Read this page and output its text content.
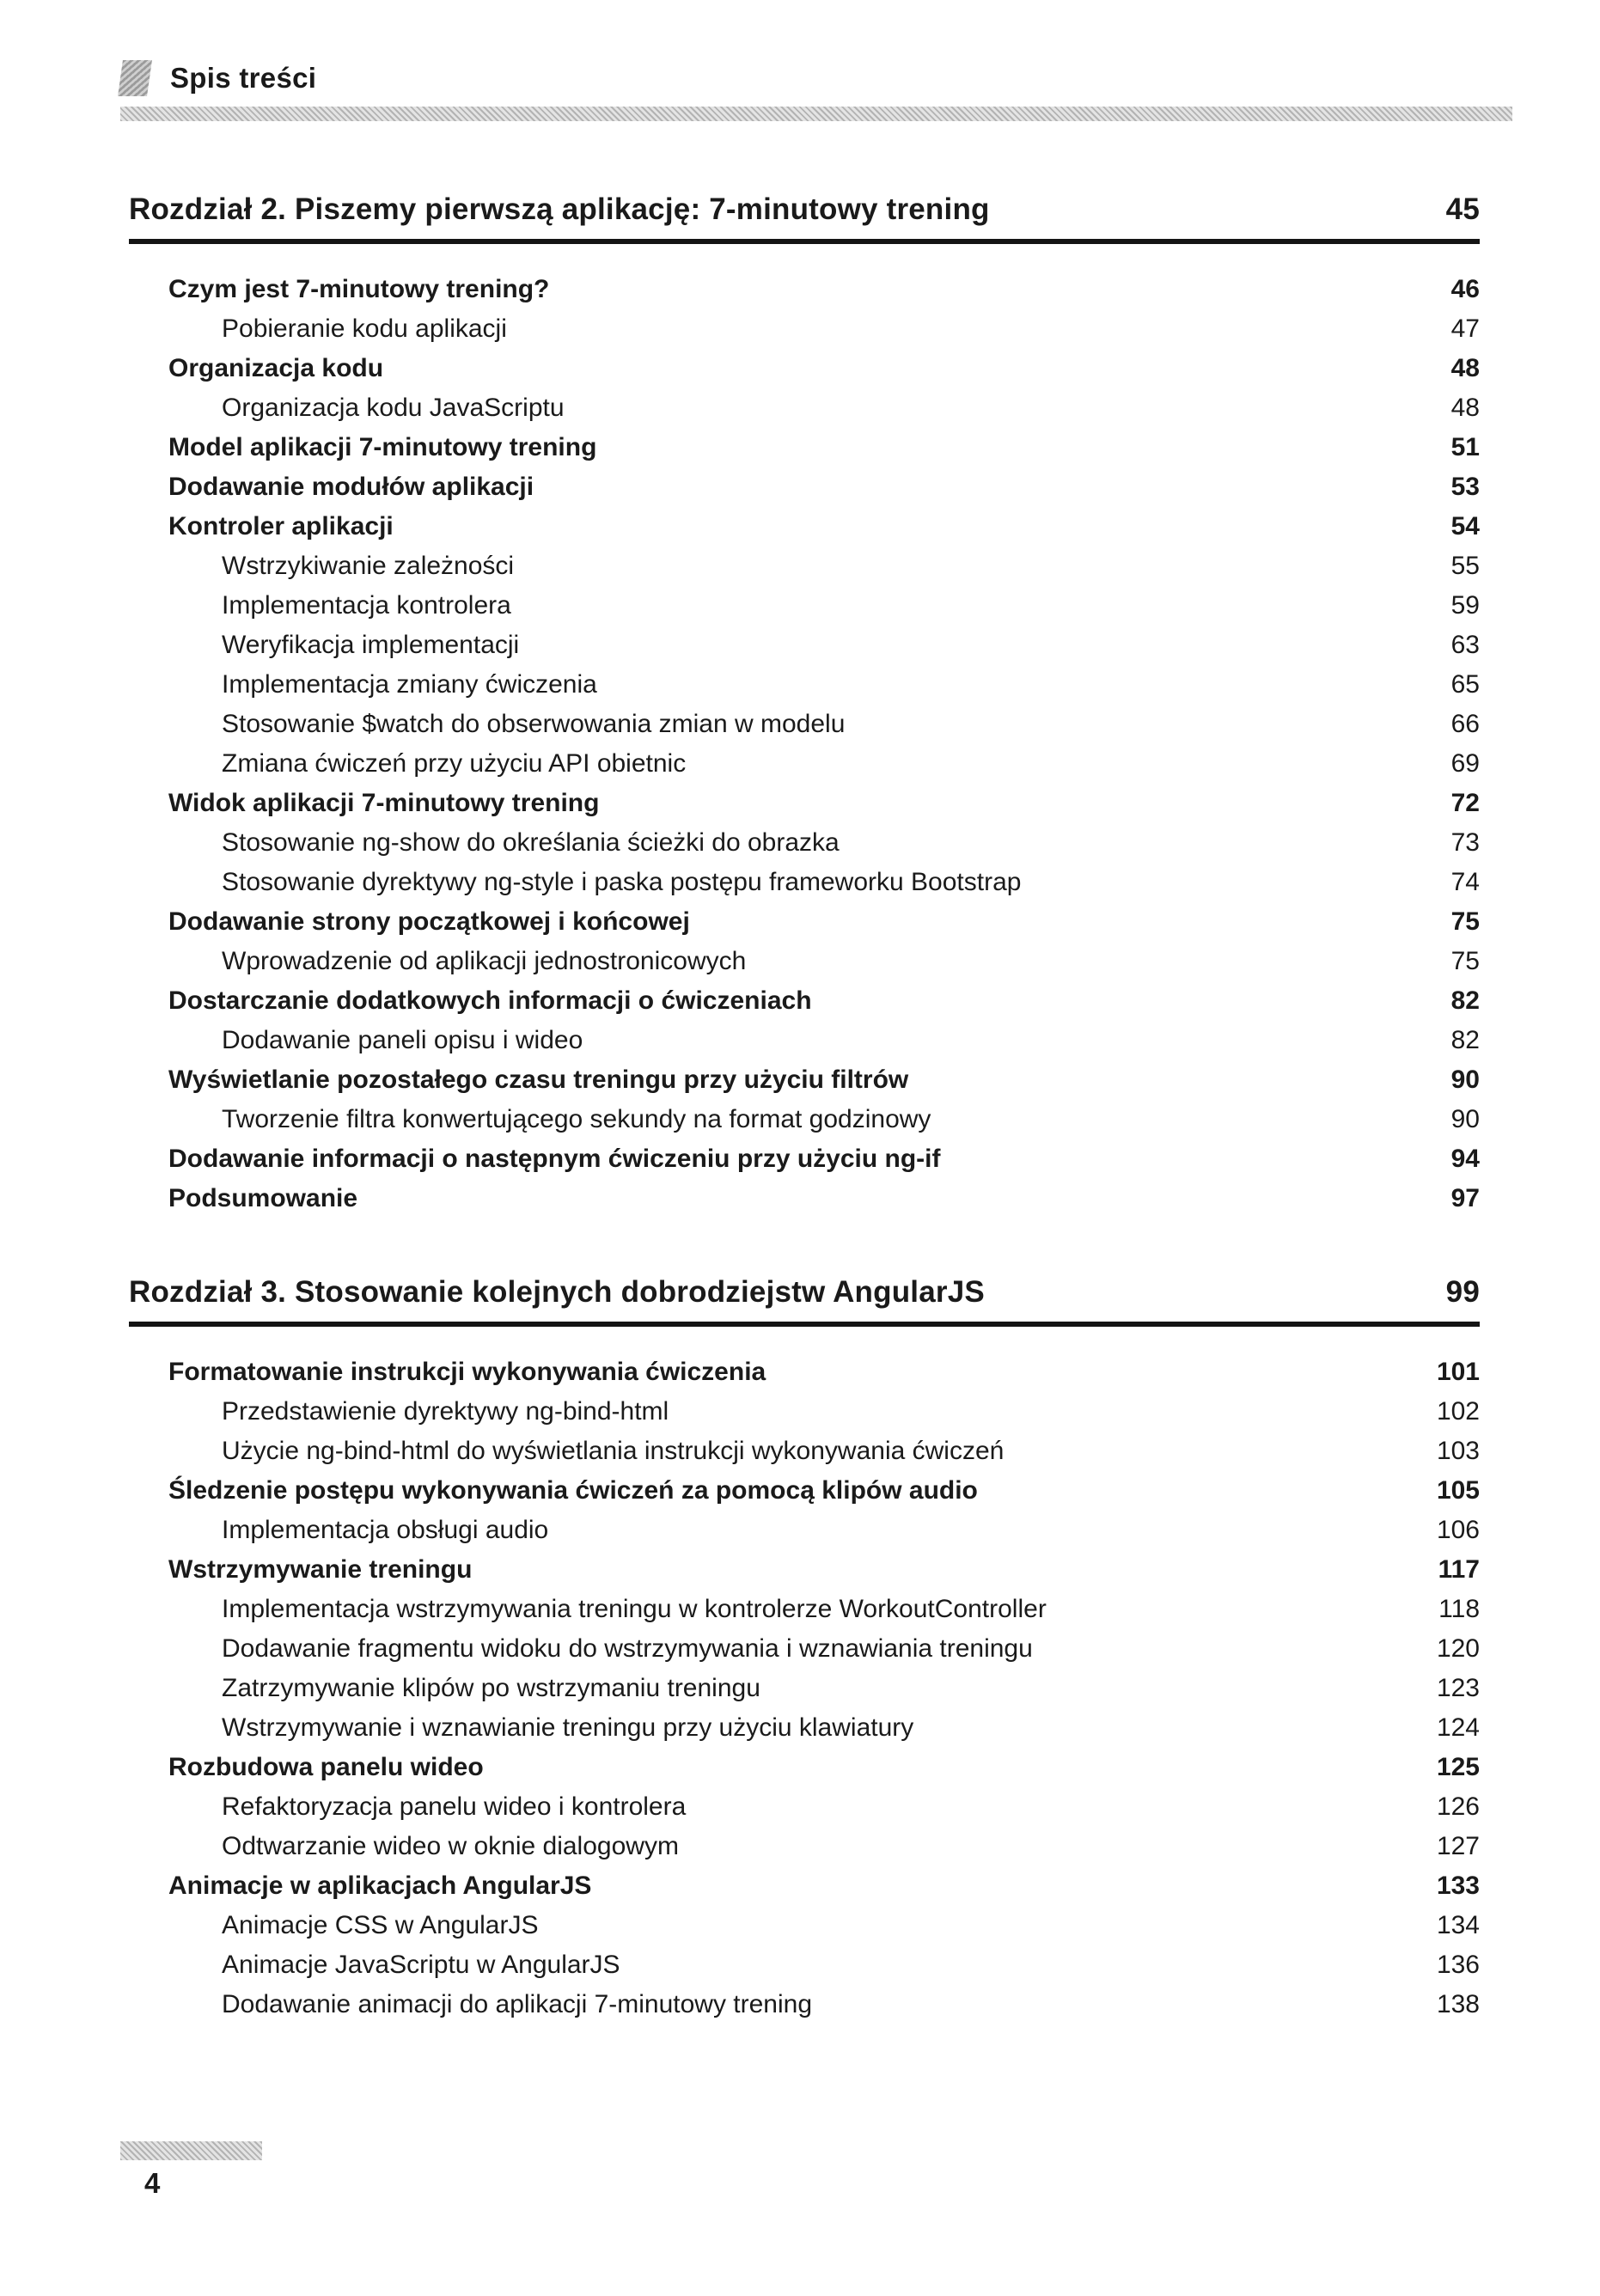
Spis treści
Rozdział 2. Piszemy pierwszą aplikację: 7-minutowy trening	45
Czym jest 7-minutowy trening?	46
Pobieranie kodu aplikacji	47
Organizacja kodu	48
Organizacja kodu JavaScriptu	48
Model aplikacji 7-minutowy trening	51
Dodawanie modułów aplikacji	53
Kontroler aplikacji	54
Wstrzykiwanie zależności	55
Implementacja kontrolera	59
Weryfikacja implementacji	63
Implementacja zmiany ćwiczenia	65
Stosowanie $watch do obserwowania zmian w modelu	66
Zmiana ćwiczeń przy użyciu API obietnic	69
Widok aplikacji 7-minutowy trening	72
Stosowanie ng-show do określania ścieżki do obrazka	73
Stosowanie dyrektywy ng-style i paska postępu frameworku Bootstrap	74
Dodawanie strony początkowej i końcowej	75
Wprowadzenie od aplikacji jednostronicowych	75
Dostarczanie dodatkowych informacji o ćwiczeniach	82
Dodawanie paneli opisu i wideo	82
Wyświetlanie pozostałego czasu treningu przy użyciu filtrów	90
Tworzenie filtra konwertującego sekundy na format godzinowy	90
Dodawanie informacji o następnym ćwiczeniu przy użyciu ng-if	94
Podsumowanie	97
Rozdział 3. Stosowanie kolejnych dobrodziejstw AngularJS	99
Formatowanie instrukcji wykonywania ćwiczenia	101
Przedstawienie dyrektywy ng-bind-html	102
Użycie ng-bind-html do wyświetlania instrukcji wykonywania ćwiczeń	103
Śledzenie postępu wykonywania ćwiczeń za pomocą klipów audio	105
Implementacja obsługi audio	106
Wstrzymywanie treningu	117
Implementacja wstrzymywania treningu w kontrolerze WorkoutController	118
Dodawanie fragmentu widoku do wstrzymywania i wznawiania treningu	120
Zatrzymywanie klipów po wstrzymaniu treningu	123
Wstrzymywanie i wznawianie treningu przy użyciu klawiatury	124
Rozbudowa panelu wideo	125
Refaktoryzacja panelu wideo i kontrolera	126
Odtwarzanie wideo w oknie dialogowym	127
Animacje w aplikacjach AngularJS	133
Animacje CSS w AngularJS	134
Animacje JavaScriptu w AngularJS	136
Dodawanie animacji do aplikacji 7-minutowy trening	138
4
